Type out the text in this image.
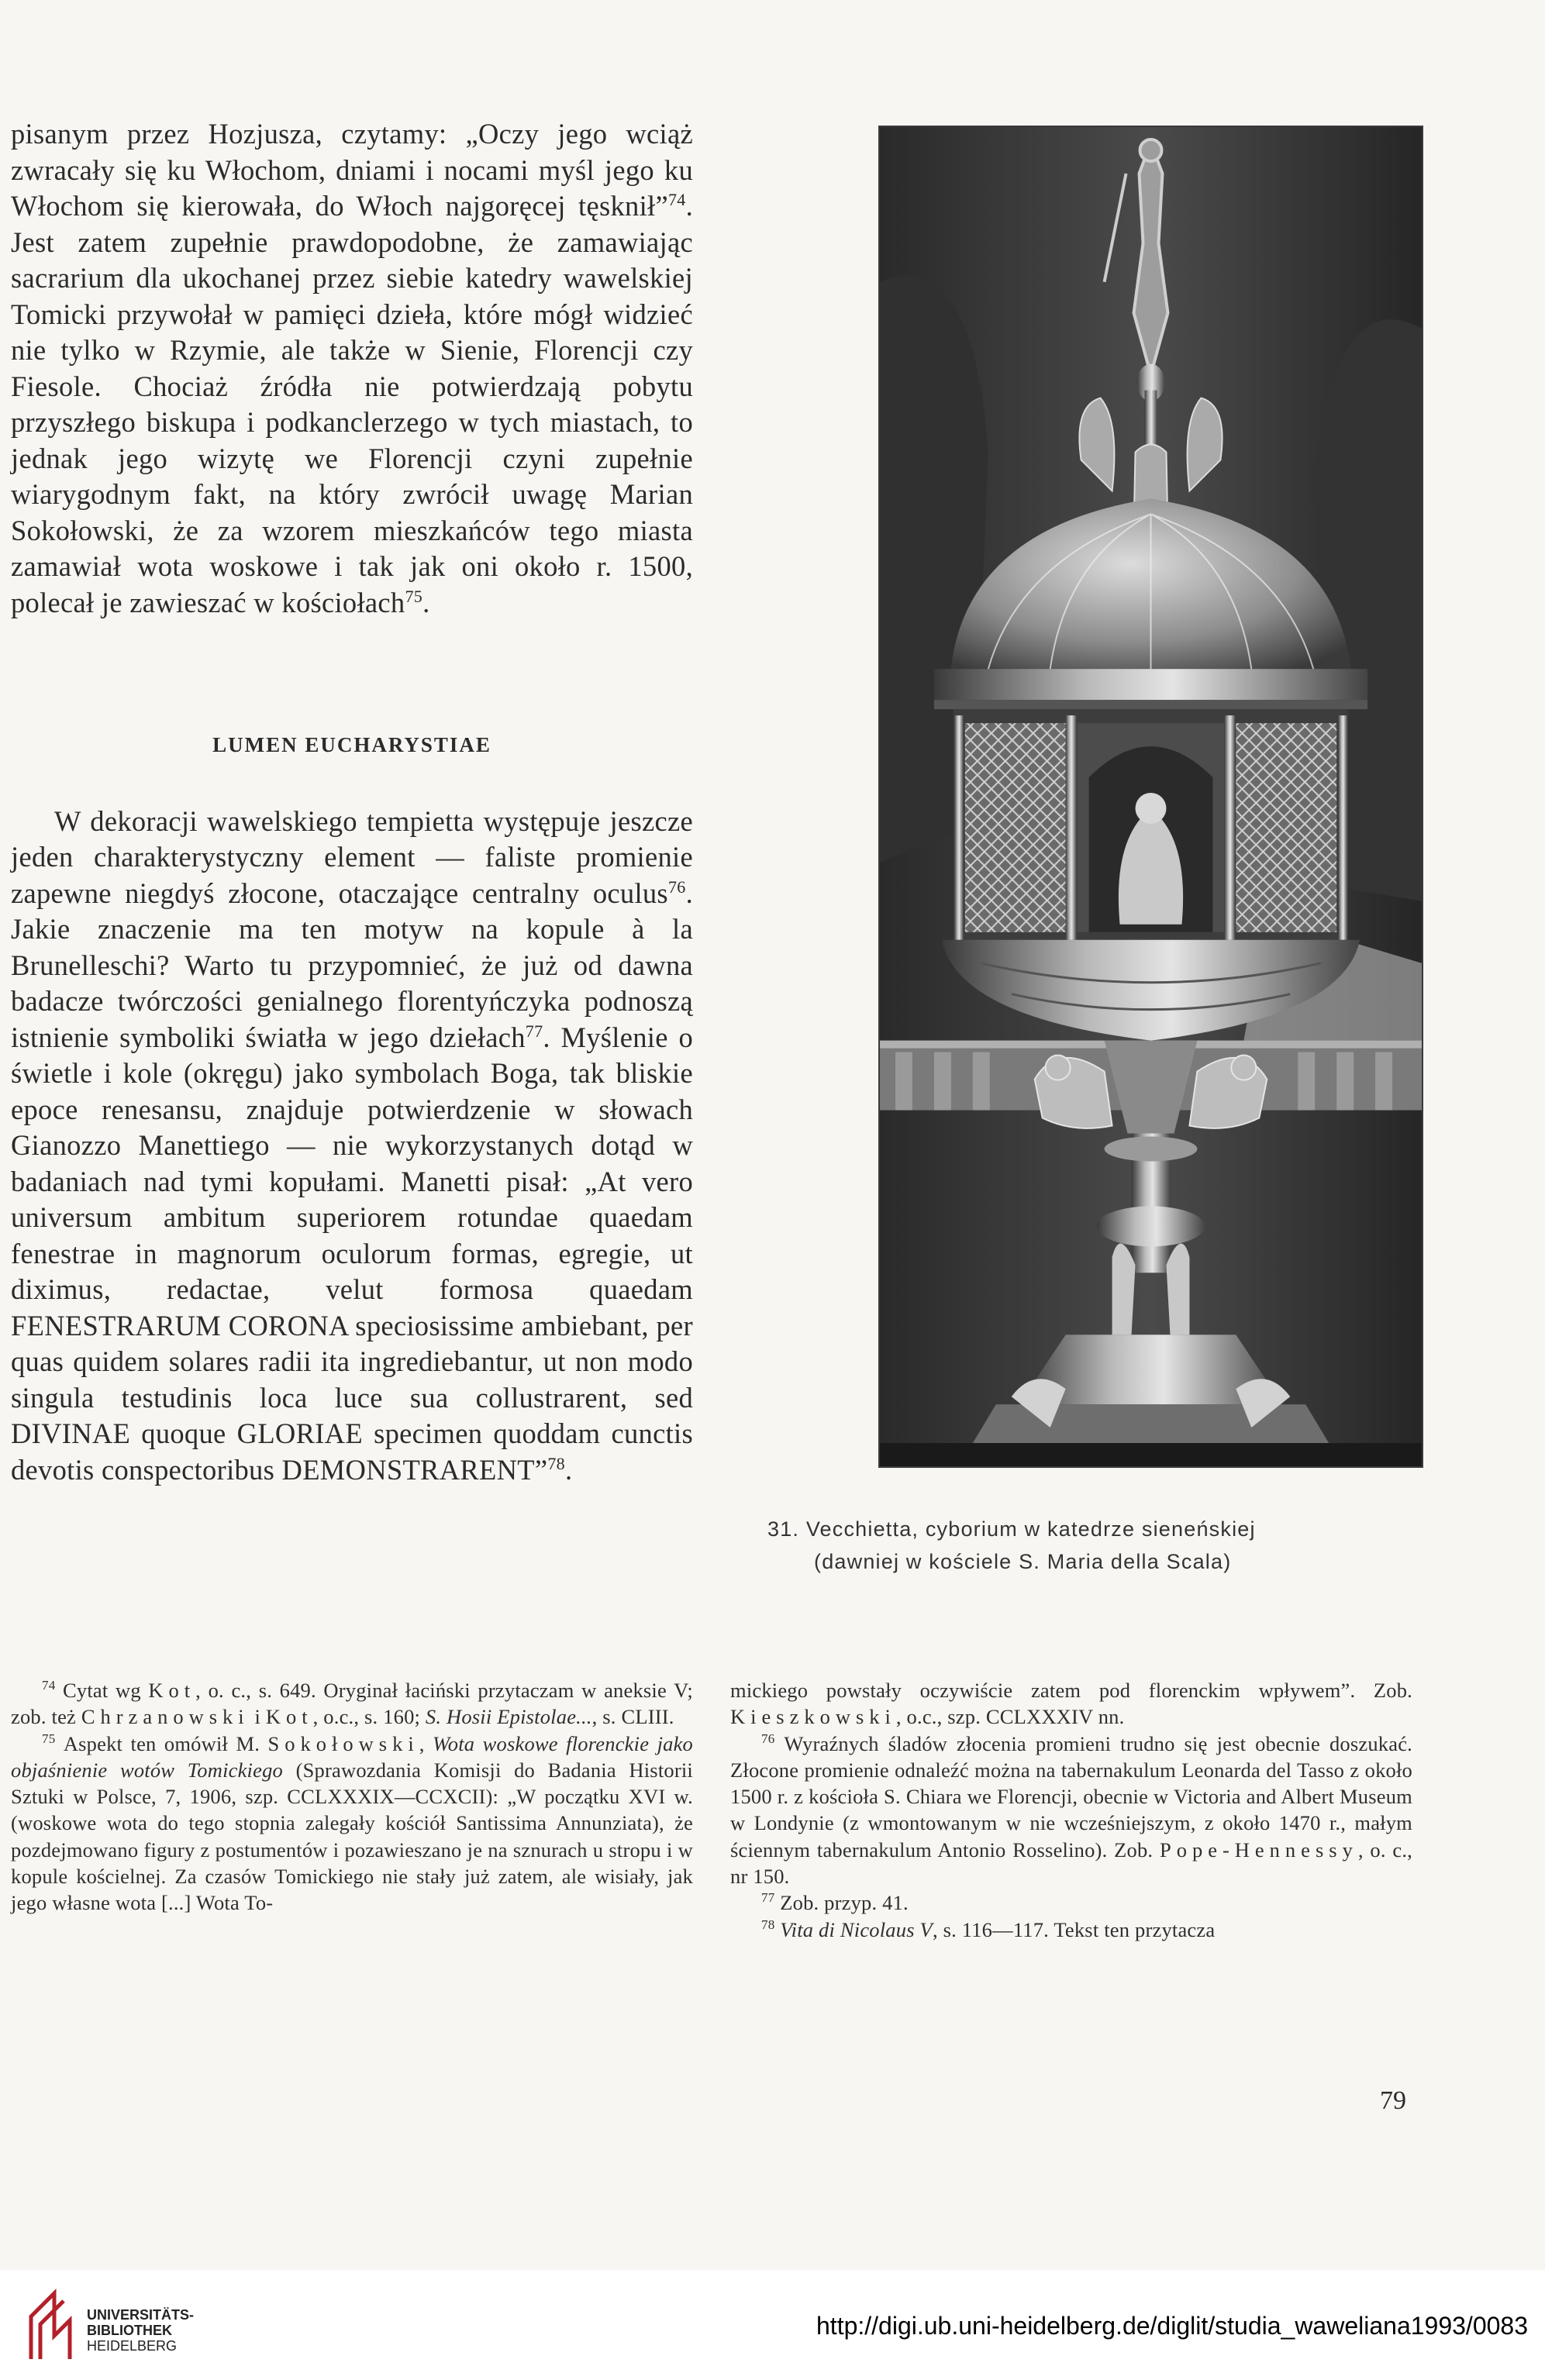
pisanym przez Hozjusza, czytamy: „Oczy jego wciąż zwracały się ku Włochom, dniami i nocami myśl jego ku Włochom się kierowała, do Włoch najgoręcej tęsknił”$^{74}$. Jest zatem zupełnie prawdopodobne, że zamawiając sacrarium dla ukochanej przez siebie katedry wawelskiej Tomicki przywołał w pamięci dzieła, które mógł widzieć nie tylko w Rzymie, ale także w Sienie, Florencji czy Fiesole. Chociaż źródła nie potwierdzają pobytu przyszłego biskupa i podkanclerzego w tych miastach, to jednak jego wizytę we Florencji czyni zupełnie wiarygodnym fakt, na który zwrócił uwagę Marian Sokołowski, że za wzorem mieszkańców tego miasta zamawiał wota woskowe i tak jak oni około r. 1500, polecał je zawieszać w kościołach$^{75}$.

LUMEN EUCHARYSTIAE

W dekoracji wawelskiego tempietta występuje jeszcze jeden charakterystyczny element — faliste promienie zapewne niegdyś złocone, otaczające centralny oculus$^{76}$. Jakie znaczenie ma ten motyw na kopule à la Brunelleschi? Warto tu przypomnieć, że już od dawna badacze twórczości genialnego florentyńczyka podnoszą istnienie symboliki światła w jego dziełach$^{77}$. Myślenie o świetle i kole (okręgu) jako symbolach Boga, tak bliskie epoce renesansu, znajduje potwierdzenie w słowach Gianozzo Manettiego — nie wykorzystanych dotąd w badaniach nad tymi kopułami. Manetti pisał: „At vero universum ambitum superiorem rotundae quaedam fenestrae in magnorum oculorum formas, egregie, ut diximus, redactae, velut formosa quaedam FENESTRARUM CORONA speciosissime ambiebant, per quas quidem solares radii ita ingrediebantur, ut non modo singula testudinis loca luce sua collustrarent, sed DIVINAE quoque GLORIAE specimen quoddam cunctis devotis conspectoribus DEMONSTRARENT”$^{78}$.

31. Vecchietta, cyborium w katedrze sieneńskiej
(dawniej w kościele S. Maria della Scala)

$^{74}$ Cytat wg Kot, o. c., s. 649. Oryginał łaciński przytaczam w aneksie V; zob. też Chrzanowski i Kot, o.c., s. 160; S. Hosii Epistolae..., s. CLIII.

$^{75}$ Aspekt ten omówił M. Sokołowski, Wota woskowe florenckie jako objaśnienie wotów Tomickiego (Sprawozdania Komisji do Badania Historii Sztuki w Polsce, 7, 1906, szp. CCLXXXIX—CCXCII): „W początku XVI w. (woskowe wota do tego stopnia zalegały kościół Santissima Annunziata), że pozdejmowano figury z postumentów i pozawieszano je na sznurach u stropu i w kopule kościelnej. Za czasów Tomickiego nie stały już zatem, ale wisiały, jak jego własne wota [...] Wota To-

mickiego powstały oczywiście zatem pod florenckim wpływem”. Zob. Kieszkowski, o.c., szp. CCLXXXIV nn.

$^{76}$ Wyraźnych śladów złocenia promieni trudno się jest obecnie doszukać. Złocone promienie odnaleźć można na tabernakulum Leonarda del Tasso z około 1500 r. z kościoła S. Chiara we Florencji, obecnie w Victoria and Albert Museum w Londynie (z wmontowanym w nie wcześniejszym, z około 1470 r., małym ściennym tabernakulum Antonio Rosselino). Zob. Pope-Hennessy, o. c., nr 150.

$^{77}$ Zob. przyp. 41.

$^{78}$ Vita di Nicolaus V, s. 116—117. Tekst ten przytacza

79
UNIVERSITÄTS-
BIBLIOTHEK
HEIDELBERG
http://digi.ub.uni-heidelberg.de/diglit/studia_waweliana1993/0083
